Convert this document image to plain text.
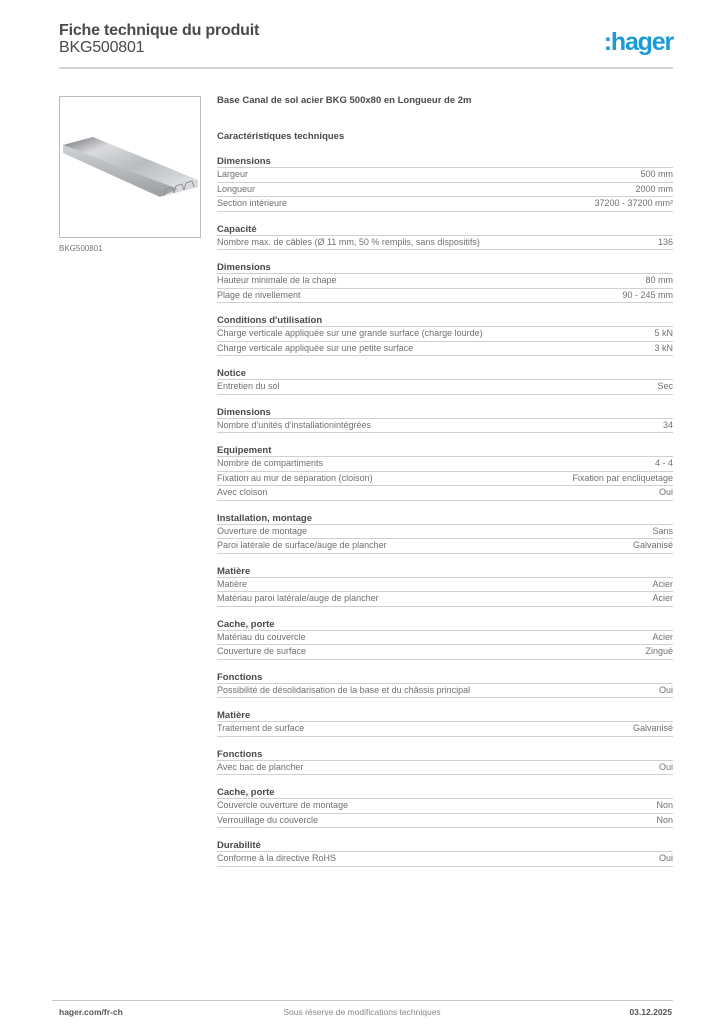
Fiche technique du produit
BKG500801	:hager
BKG500801
Base Canal de sol acier BKG 500x80 en Longueur de 2m
Caractéristiques techniques
Dimensions
Largeur	500 mm
Longueur	2000 mm
Section intérieure	37200 - 37200 mm²
Capacité
Nombre max. de câbles (Ø 11 mm, 50 % remplis, sans dispositifs)	136
Dimensions
Hauteur minimale de la chape	80 mm
Plage de nivellement	90 - 245 mm
Conditions d'utilisation
Charge verticale appliquée sur une grande surface (charge lourde)	5 kN
Charge verticale appliquée sur une petite surface	3 kN
Notice
Entretien du sol	Sec
Dimensions
Nombre d'unités d'installationintégrées	34
Equipement
Nombre de compartiments	4 - 4
Fixation au mur de séparation (cloison)	Fixation par encliquetage
Avec cloison	Oui
Installation, montage
Ouverture de montage	Sans
Paroi latérale de surface/auge de plancher	Galvanisé
Matière
Matière	Acier
Matériau paroi latérale/auge de plancher	Acier
Cache, porte
Matériau du couvercle	Acier
Couverture de surface	Zingué
Fonctions
Possibilité de désolidarisation de la base et du châssis principal	Oui
Matière
Traitement de surface	Galvanisé
Fonctions
Avec bac de plancher	Oui
Cache, porte
Couvercle ouverture de montage	Non
Verrouillage du couvercle	Non
Durabilité
Conforme à la directive RoHS	Oui
hager.com/fr-ch	Sous réserve de modifications techniques	03.12.2025
